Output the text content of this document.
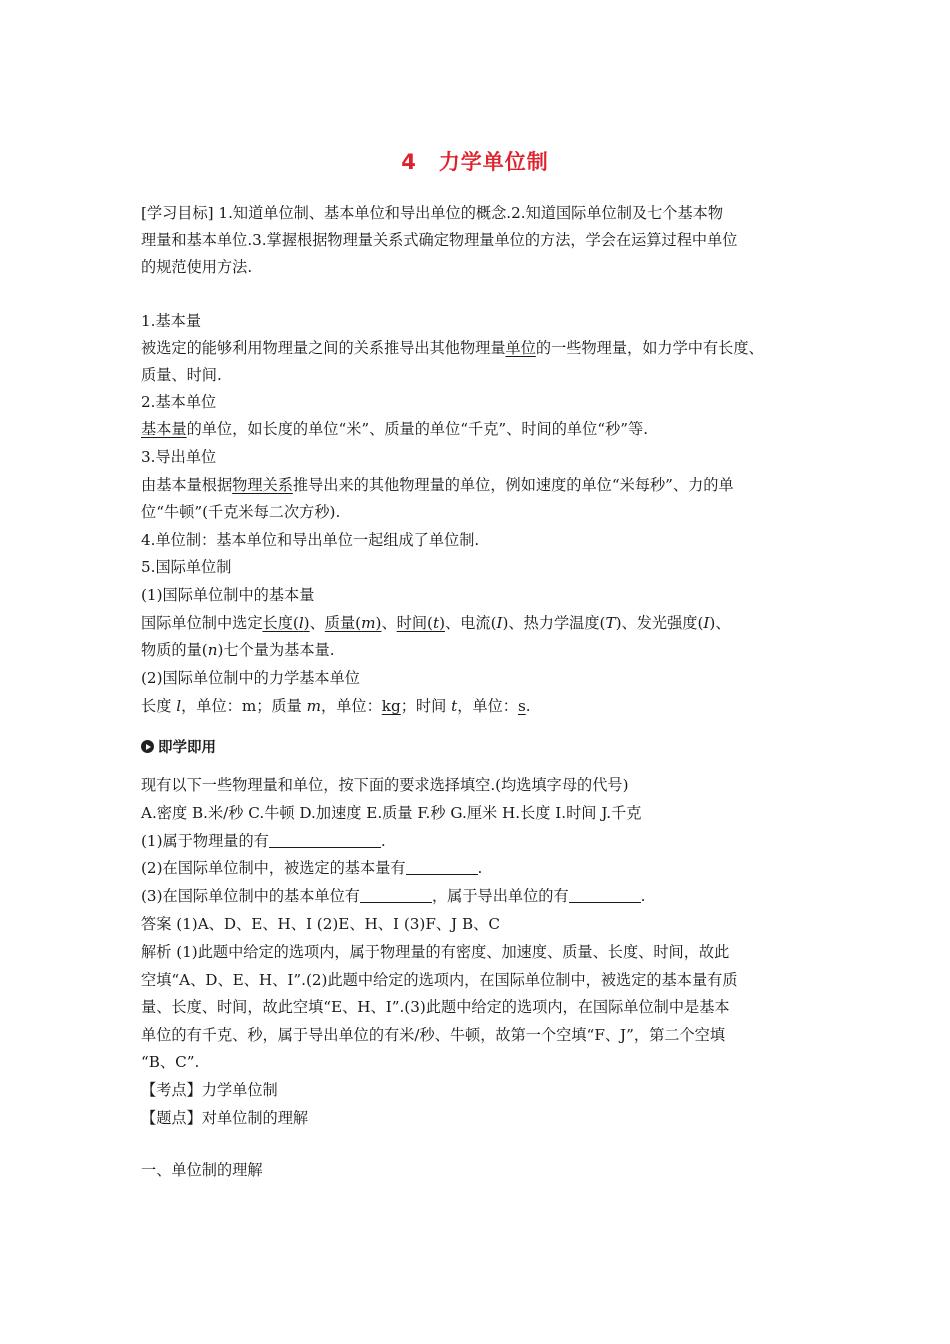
4 力学单位制
[学习目标] 1.知道单位制、基本单位和导出单位的概念.2.知道国际单位制及七个基本物
理量和基本单位.3.掌握根据物理量关系式确定物理量单位的方法，学会在运算过程中单位
的规范使用方法.
1.基本量
被选定的能够利用物理量之间的关系推导出其他物理量单位的一些物理量，如力学中有长度、
质量、时间.
2.基本单位
基本量的单位，如长度的单位“米”、质量的单位“千克”、时间的单位“秒”等.
3.导出单位
由基本量根据物理关系推导出来的其他物理量的单位，例如速度的单位“米每秒”、力的单
位“牛顿”(千克米每二次方秒).
4.单位制：基本单位和导出单位一起组成了单位制.
5.国际单位制
(1)国际单位制中的基本量
国际单位制中选定长度(l)、质量(m)、时间(t)、电流(I)、热力学温度(T)、发光强度(I)、
物质的量(n)七个量为基本量.
(2)国际单位制中的力学基本单位
长度 l，单位：m；质量 m，单位：kg；时间 t，单位：s.
即学即用
现有以下一些物理量和单位，按下面的要求选择填空.(均选填字母的代号)
A.密度 B.米/秒 C.牛顿 D.加速度 E.质量 F.秒 G.厘米 H.长度 I.时间 J.千克
(1)属于物理量的有	.
(2)在国际单位制中，被选定的基本量有	.
(3)在国际单位制中的基本单位有	，属于导出单位的有	.
答案 (1)A、D、E、H、I (2)E、H、I (3)F、J B、C
解析 (1)此题中给定的选项内，属于物理量的有密度、加速度、质量、长度、时间，故此
空填“A、D、E、H、I”.(2)此题中给定的选项内，在国际单位制中，被选定的基本量有质
量、长度、时间，故此空填“E、H、I”.(3)此题中给定的选项内，在国际单位制中是基本
单位的有千克、秒，属于导出单位的有米/秒、牛顿，故第一个空填“F、J”，第二个空填
“B、C”.
【考点】力学单位制
【题点】对单位制的理解
一、单位制的理解
